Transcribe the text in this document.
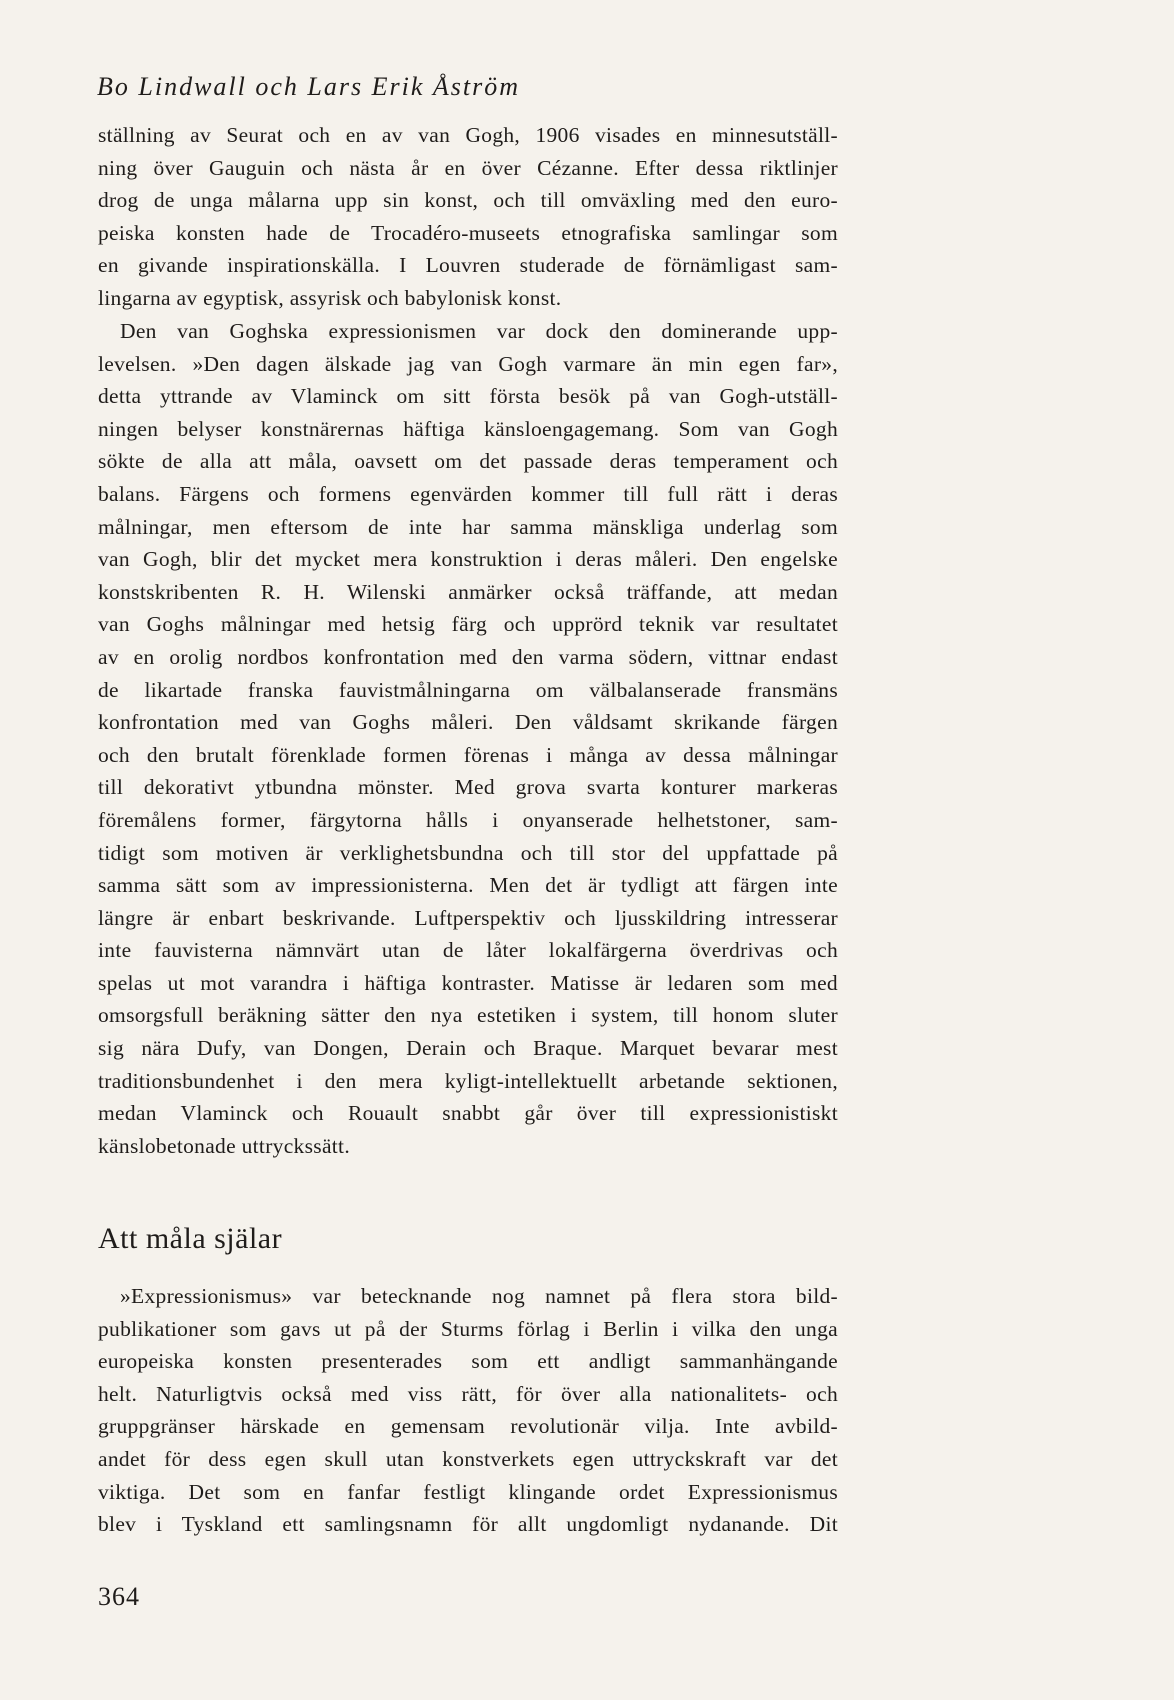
Bo Lindwall och Lars Erik Åström

ställning av Seurat och en av van Gogh, 1906 visades en minnesutställ-
ning över Gauguin och nästa år en över Cézanne. Efter dessa riktlinjer
drog de unga målarna upp sin konst, och till omväxling med den euro-
peiska konsten hade de Trocadéro-museets etnografiska samlingar som
en givande inspirationskälla. I Louvren studerade de förnämligast sam-
lingarna av egyptisk, assyrisk och babylonisk konst.

Den van Goghska expressionismen var dock den dominerande upp-
levelsen. »Den dagen älskade jag van Gogh varmare än min egen far»,
detta yttrande av Vlaminck om sitt första besök på van Gogh-utställ-
ningen belyser konstnärernas häftiga känsloengagemang. Som van Gogh
sökte de alla att måla, oavsett om det passade deras temperament och
balans. Färgens och formens egenvärden kommer till full rätt i deras
målningar, men eftersom de inte har samma mänskliga underlag som
van Gogh, blir det mycket mera konstruktion i deras måleri. Den engelske
konstskribenten R. H. Wilenski anmärker också träffande, att medan
van Goghs målningar med hetsig färg och upprörd teknik var resultatet
av en orolig nordbos konfrontation med den varma södern, vittnar endast
de likartade franska fauvistmålningarna om välbalanserade fransmäns
konfrontation med van Goghs måleri. Den våldsamt skrikande färgen
och den brutalt förenklade formen förenas i många av dessa målningar
till dekorativt ytbundna mönster. Med grova svarta konturer markeras
föremålens former, färgytorna hålls i onyanserade helhetstoner, sam-
tidigt som motiven är verklighetsbundna och till stor del uppfattade på
samma sätt som av impressionisterna. Men det är tydligt att färgen inte
längre är enbart beskrivande. Luftperspektiv och ljusskildring intresserar
inte fauvisterna nämnvärt utan de låter lokalfärgerna överdrivas och
spelas ut mot varandra i häftiga kontraster. Matisse är ledaren som med
omsorgsfull beräkning sätter den nya estetiken i system, till honom sluter
sig nära Dufy, van Dongen, Derain och Braque. Marquet bevarar mest
traditionsbundenhet i den mera kyligt-intellektuellt arbetande sektionen,
medan Vlaminck och Rouault snabbt går över till expressionistiskt
känslobetonade uttryckssätt.

Att måla själar

»Expressionismus» var betecknande nog namnet på flera stora bild-
publikationer som gavs ut på der Sturms förlag i Berlin i vilka den unga
europeiska konsten presenterades som ett andligt sammanhängande
helt. Naturligtvis också med viss rätt, för över alla nationalitets- och
gruppgränser härskade en gemensam revolutionär vilja. Inte avbild-
andet för dess egen skull utan konstverkets egen uttryckskraft var det
viktiga. Det som en fanfar festligt klingande ordet Expressionismus
blev i Tyskland ett samlingsnamn för allt ungdomligt nydanande. Dit

364
